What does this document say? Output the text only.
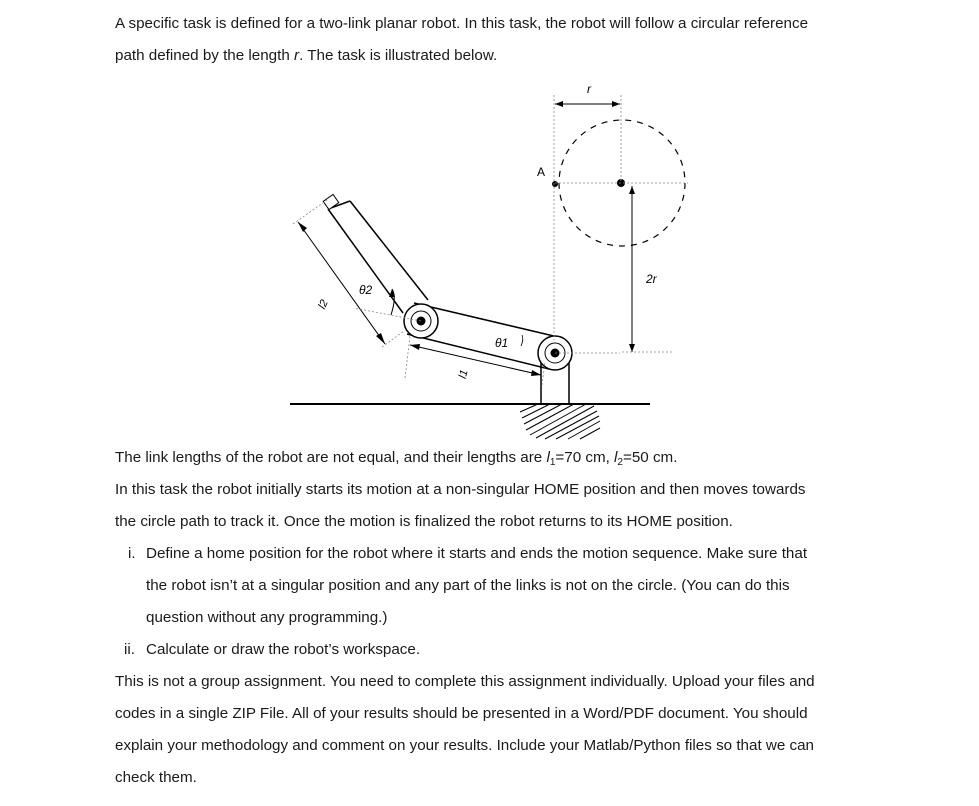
A specific task is defined for a two-link planar robot. In this task, the robot will follow a circular reference

path defined by the length r. The task is illustrated below.

r
A
2r
l2
l1
θ1
θ2

The link lengths of the robot are not equal, and their lengths are $l_1=70$ cm, $l_2=50$ cm.

In this task the robot initially starts its motion at a non-singular HOME position and then moves towards

the circle path to track it. Once the motion is finalized the robot returns to its HOME position.

i. Define a home position for the robot where it starts and ends the motion sequence. Make sure that

the robot isn’t at a singular position and any part of the links is not on the circle. (You can do this

question without any programming.)

ii. Calculate or draw the robot’s workspace.

This is not a group assignment. You need to complete this assignment individually. Upload your files and

codes in a single ZIP File. All of your results should be presented in a Word/PDF document. You should

explain your methodology and comment on your results. Include your Matlab/Python files so that we can

check them.
